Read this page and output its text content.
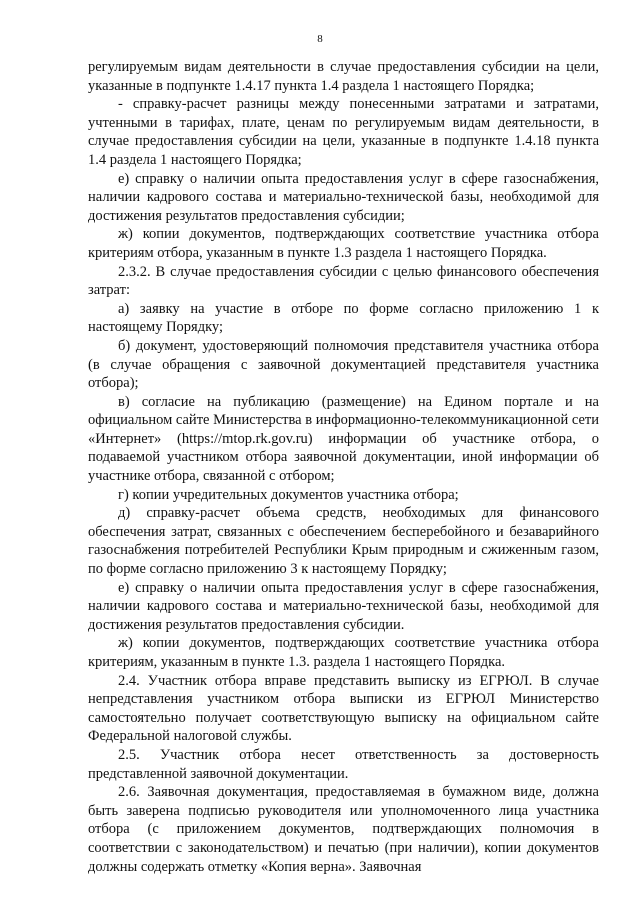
8

регулируемым видам деятельности в случае предоставления субсидии на цели, указанные в подпункте 1.4.17 пункта 1.4 раздела 1 настоящего Порядка;

- справку-расчет разницы между понесенными затратами и затратами, учтенными в тарифах, плате, ценам по регулируемым видам деятельности, в случае предоставления субсидии на цели, указанные в подпункте 1.4.18 пункта 1.4 раздела 1 настоящего Порядка;

е) справку о наличии опыта предоставления услуг в сфере газоснабжения, наличии кадрового состава и материально-технической базы, необходимой для достижения результатов предоставления субсидии;

ж) копии документов, подтверждающих соответствие участника отбора критериям отбора, указанным в пункте 1.3 раздела 1 настоящего Порядка.

2.3.2. В случае предоставления субсидии с целью финансового обеспечения затрат:

а) заявку на участие в отборе по форме согласно приложению 1 к настоящему Порядку;

б) документ, удостоверяющий полномочия представителя участника отбора (в случае обращения с заявочной документацией представителя участника отбора);

в) согласие на публикацию (размещение) на Едином портале и на официальном сайте Министерства в информационно-телекоммуникационной сети «Интернет» (https://mtop.rk.gov.ru) информации об участнике отбора, о подаваемой участником отбора заявочной документации, иной информации об участнике отбора, связанной с отбором;

г) копии учредительных документов участника отбора;

д) справку-расчет объема средств, необходимых для финансового обеспечения затрат, связанных с обеспечением бесперебойного и безаварийного газоснабжения потребителей Республики Крым природным и сжиженным газом, по форме согласно приложению 3 к настоящему Порядку;

е) справку о наличии опыта предоставления услуг в сфере газоснабжения, наличии кадрового состава и материально-технической базы, необходимой для достижения результатов предоставления субсидии.

ж) копии документов, подтверждающих соответствие участника отбора критериям, указанным в пункте 1.3. раздела 1 настоящего Порядка.

2.4. Участник отбора вправе представить выписку из ЕГРЮЛ. В случае непредставления участником отбора выписки из ЕГРЮЛ Министерство самостоятельно получает соответствующую выписку на официальном сайте Федеральной налоговой службы.

2.5. Участник отбора несет ответственность за достоверность представленной заявочной документации.

2.6. Заявочная документация, предоставляемая в бумажном виде, должна быть заверена подписью руководителя или уполномоченного лица участника отбора (с приложением документов, подтверждающих полномочия в соответствии с законодательством) и печатью (при наличии), копии документов должны содержать отметку «Копия верна». Заявочная
